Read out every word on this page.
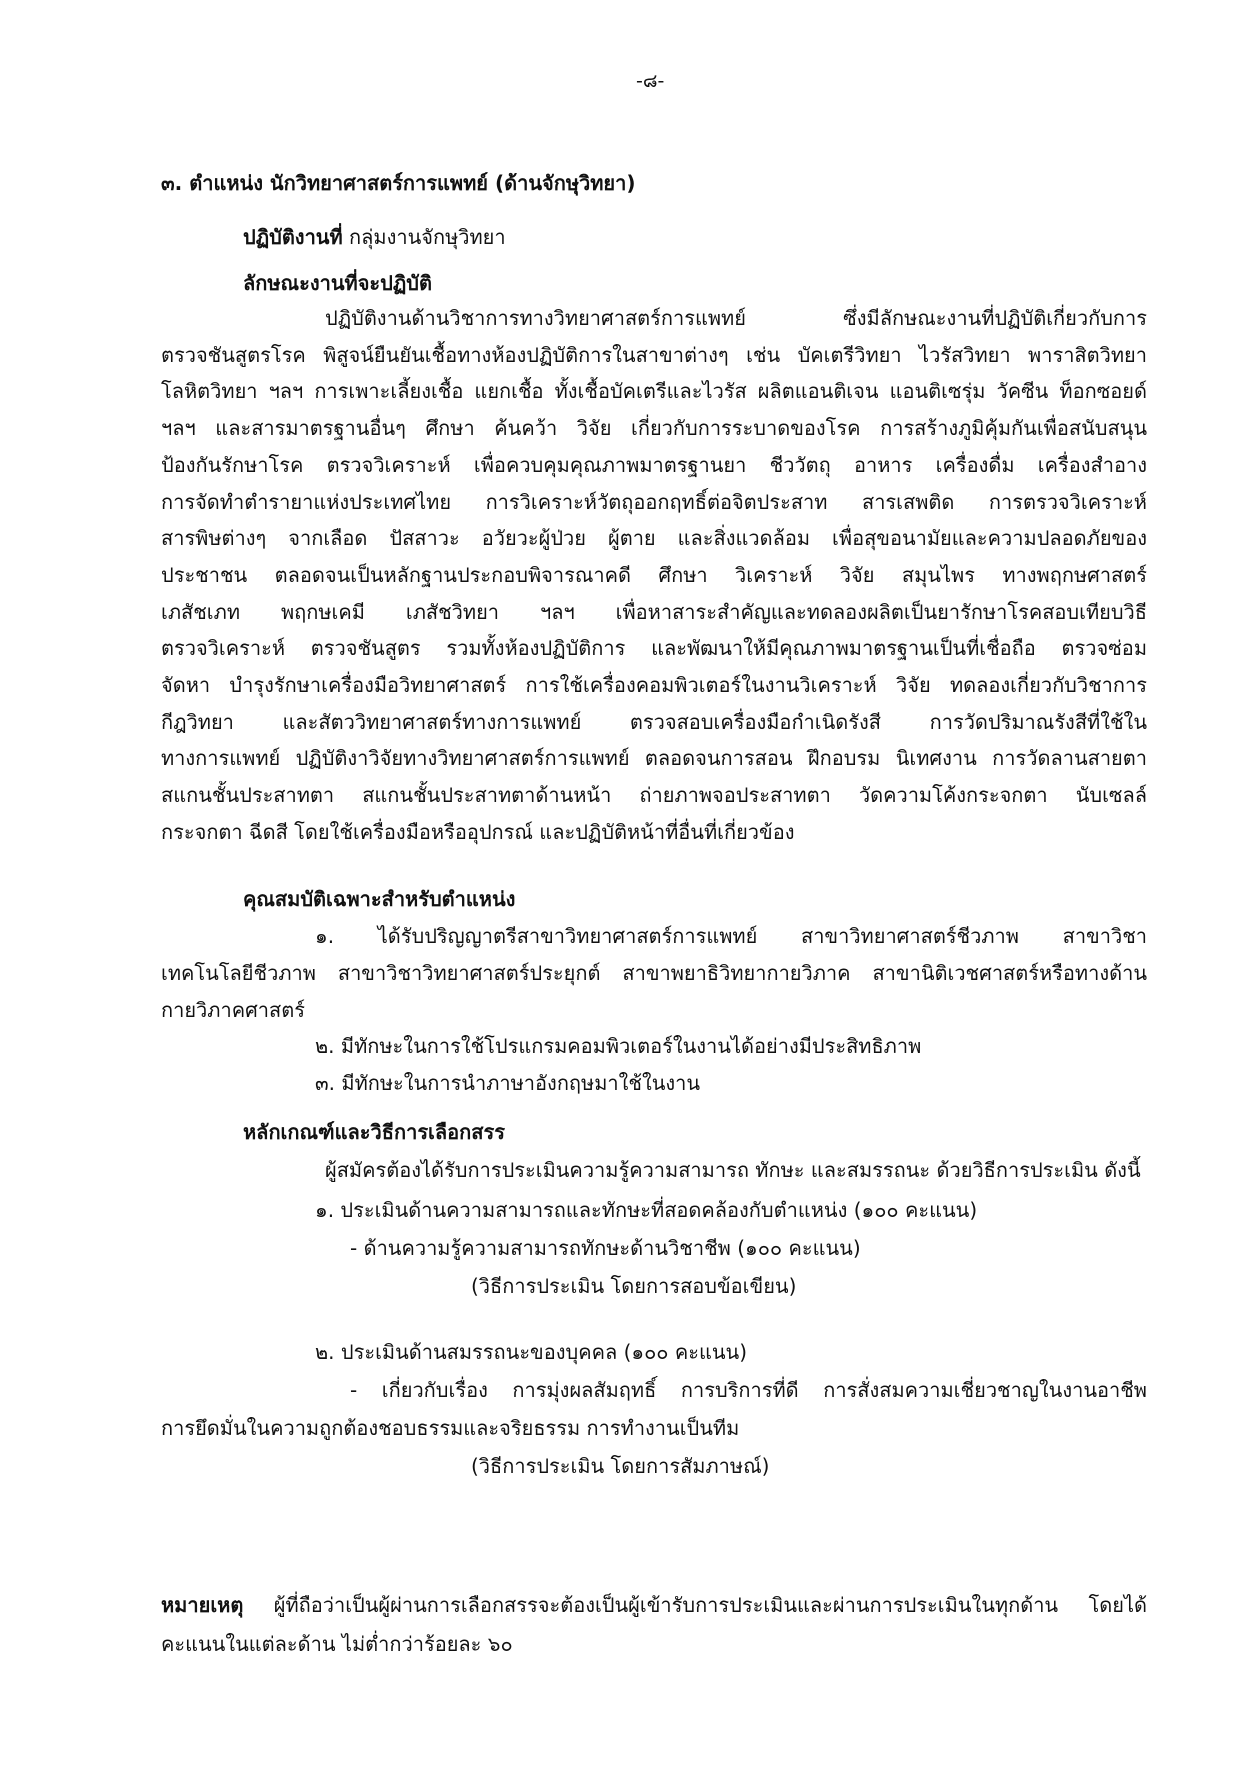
-๘-
๓. ตำแหน่ง นักวิทยาศาสตร์การแพทย์ (ด้านจักษุวิทยา)
ปฏิบัติงานที่ กลุ่มงานจักษุวิทยา
ลักษณะงานที่จะปฏิบัติ
ปฏิบัติงานด้านวิชาการทางวิทยาศาสตร์การแพทย์ ซึ่งมีลักษณะงานที่ปฏิบัติเกี่ยวกับการ
ตรวจชันสูตรโรค พิสูจน์ยืนยันเชื้อทางห้องปฏิบัติการในสาขาต่างๆ เช่น บัคเตรีวิทยา ไวรัสวิทยา พาราสิตวิทยา
โลหิตวิทยา ฯลฯ การเพาะเลี้ยงเชื้อ แยกเชื้อ ทั้งเชื้อบัคเตรีและไวรัส ผลิตแอนติเจน แอนติเซรุ่ม วัคซีน ท็อกซอยด์
ฯลฯ และสารมาตรฐานอื่นๆ ศึกษา ค้นคว้า วิจัย เกี่ยวกับการระบาดของโรค การสร้างภูมิคุ้มกันเพื่อสนับสนุน
ป้องกันรักษาโรค ตรวจวิเคราะห์ เพื่อควบคุมคุณภาพมาตรฐานยา ชีววัตถุ อาหาร เครื่องดื่ม เครื่องสำอาง
การจัดทำตำรายาแห่งประเทศไทย การวิเคราะห์วัตถุออกฤทธิ์ต่อจิตประสาท สารเสพติด การตรวจวิเคราะห์
สารพิษต่างๆ จากเลือด ปัสสาวะ อวัยวะผู้ป่วย ผู้ตาย และสิ่งแวดล้อม เพื่อสุขอนามัยและความปลอดภัยของ
ประชาชน ตลอดจนเป็นหลักฐานประกอบพิจารณาคดี ศึกษา วิเคราะห์ วิจัย สมุนไพร ทางพฤกษศาสตร์
เภสัชเภท พฤกษเคมี เภสัชวิทยา ฯลฯ เพื่อหาสาระสำคัญและทดลองผลิตเป็นยารักษาโรคสอบเทียบวิธี
ตรวจวิเคราะห์ ตรวจชันสูตร รวมทั้งห้องปฏิบัติการ และพัฒนาให้มีคุณภาพมาตรฐานเป็นที่เชื่อถือ ตรวจซ่อม
จัดหา บำรุงรักษาเครื่องมือวิทยาศาสตร์ การใช้เครื่องคอมพิวเตอร์ในงานวิเคราะห์ วิจัย ทดลองเกี่ยวกับวิชาการ
กีฎวิทยา และสัตววิทยาศาสตร์ทางการแพทย์ ตรวจสอบเครื่องมือกำเนิดรังสี การวัดปริมาณรังสีที่ใช้ใน
ทางการแพทย์ ปฏิบัติงาวิจัยทางวิทยาศาสตร์การแพทย์ ตลอดจนการสอน ฝึกอบรม นิเทศงาน การวัดลานสายตา
สแกนชั้นประสาทตา สแกนชั้นประสาทตาด้านหน้า ถ่ายภาพจอประสาทตา วัดความโค้งกระจกตา นับเซลล์
กระจกตา ฉีดสี โดยใช้เครื่องมือหรืออุปกรณ์ และปฏิบัติหน้าที่อื่นที่เกี่ยวข้อง
คุณสมบัติเฉพาะสำหรับตำแหน่ง
๑. ได้รับปริญญาตรีสาขาวิทยาศาสตร์การแพทย์ สาขาวิทยาศาสตร์ชีวภาพ สาขาวิชา
เทคโนโลยีชีวภาพ สาขาวิชาวิทยาศาสตร์ประยุกต์ สาขาพยาธิวิทยากายวิภาค สาขานิติเวชศาสตร์หรือทางด้าน
กายวิภาคศาสตร์
๒. มีทักษะในการใช้โปรแกรมคอมพิวเตอร์ในงานได้อย่างมีประสิทธิภาพ
๓. มีทักษะในการนำภาษาอังกฤษมาใช้ในงาน
หลักเกณฑ์และวิธีการเลือกสรร
ผู้สมัครต้องได้รับการประเมินความรู้ความสามารถ ทักษะ และสมรรถนะ ด้วยวิธีการประเมิน ดังนี้
๑. ประเมินด้านความสามารถและทักษะที่สอดคล้องกับตำแหน่ง (๑๐๐ คะแนน)
- ด้านความรู้ความสามารถทักษะด้านวิชาชีพ (๑๐๐ คะแนน)
(วิธีการประเมิน โดยการสอบข้อเขียน)
๒. ประเมินด้านสมรรถนะของบุคคล (๑๐๐ คะแนน)
- เกี่ยวกับเรื่อง การมุ่งผลสัมฤทธิ์ การบริการที่ดี การสั่งสมความเชี่ยวชาญในงานอาชีพ
การยึดมั่นในความถูกต้องชอบธรรมและจริยธรรม การทำงานเป็นทีม
(วิธีการประเมิน โดยการสัมภาษณ์)
หมายเหตุ ผู้ที่ถือว่าเป็นผู้ผ่านการเลือกสรรจะต้องเป็นผู้เข้ารับการประเมินและผ่านการประเมินในทุกด้าน โดยได้
คะแนนในแต่ละด้าน ไม่ต่ำกว่าร้อยละ ๖๐
